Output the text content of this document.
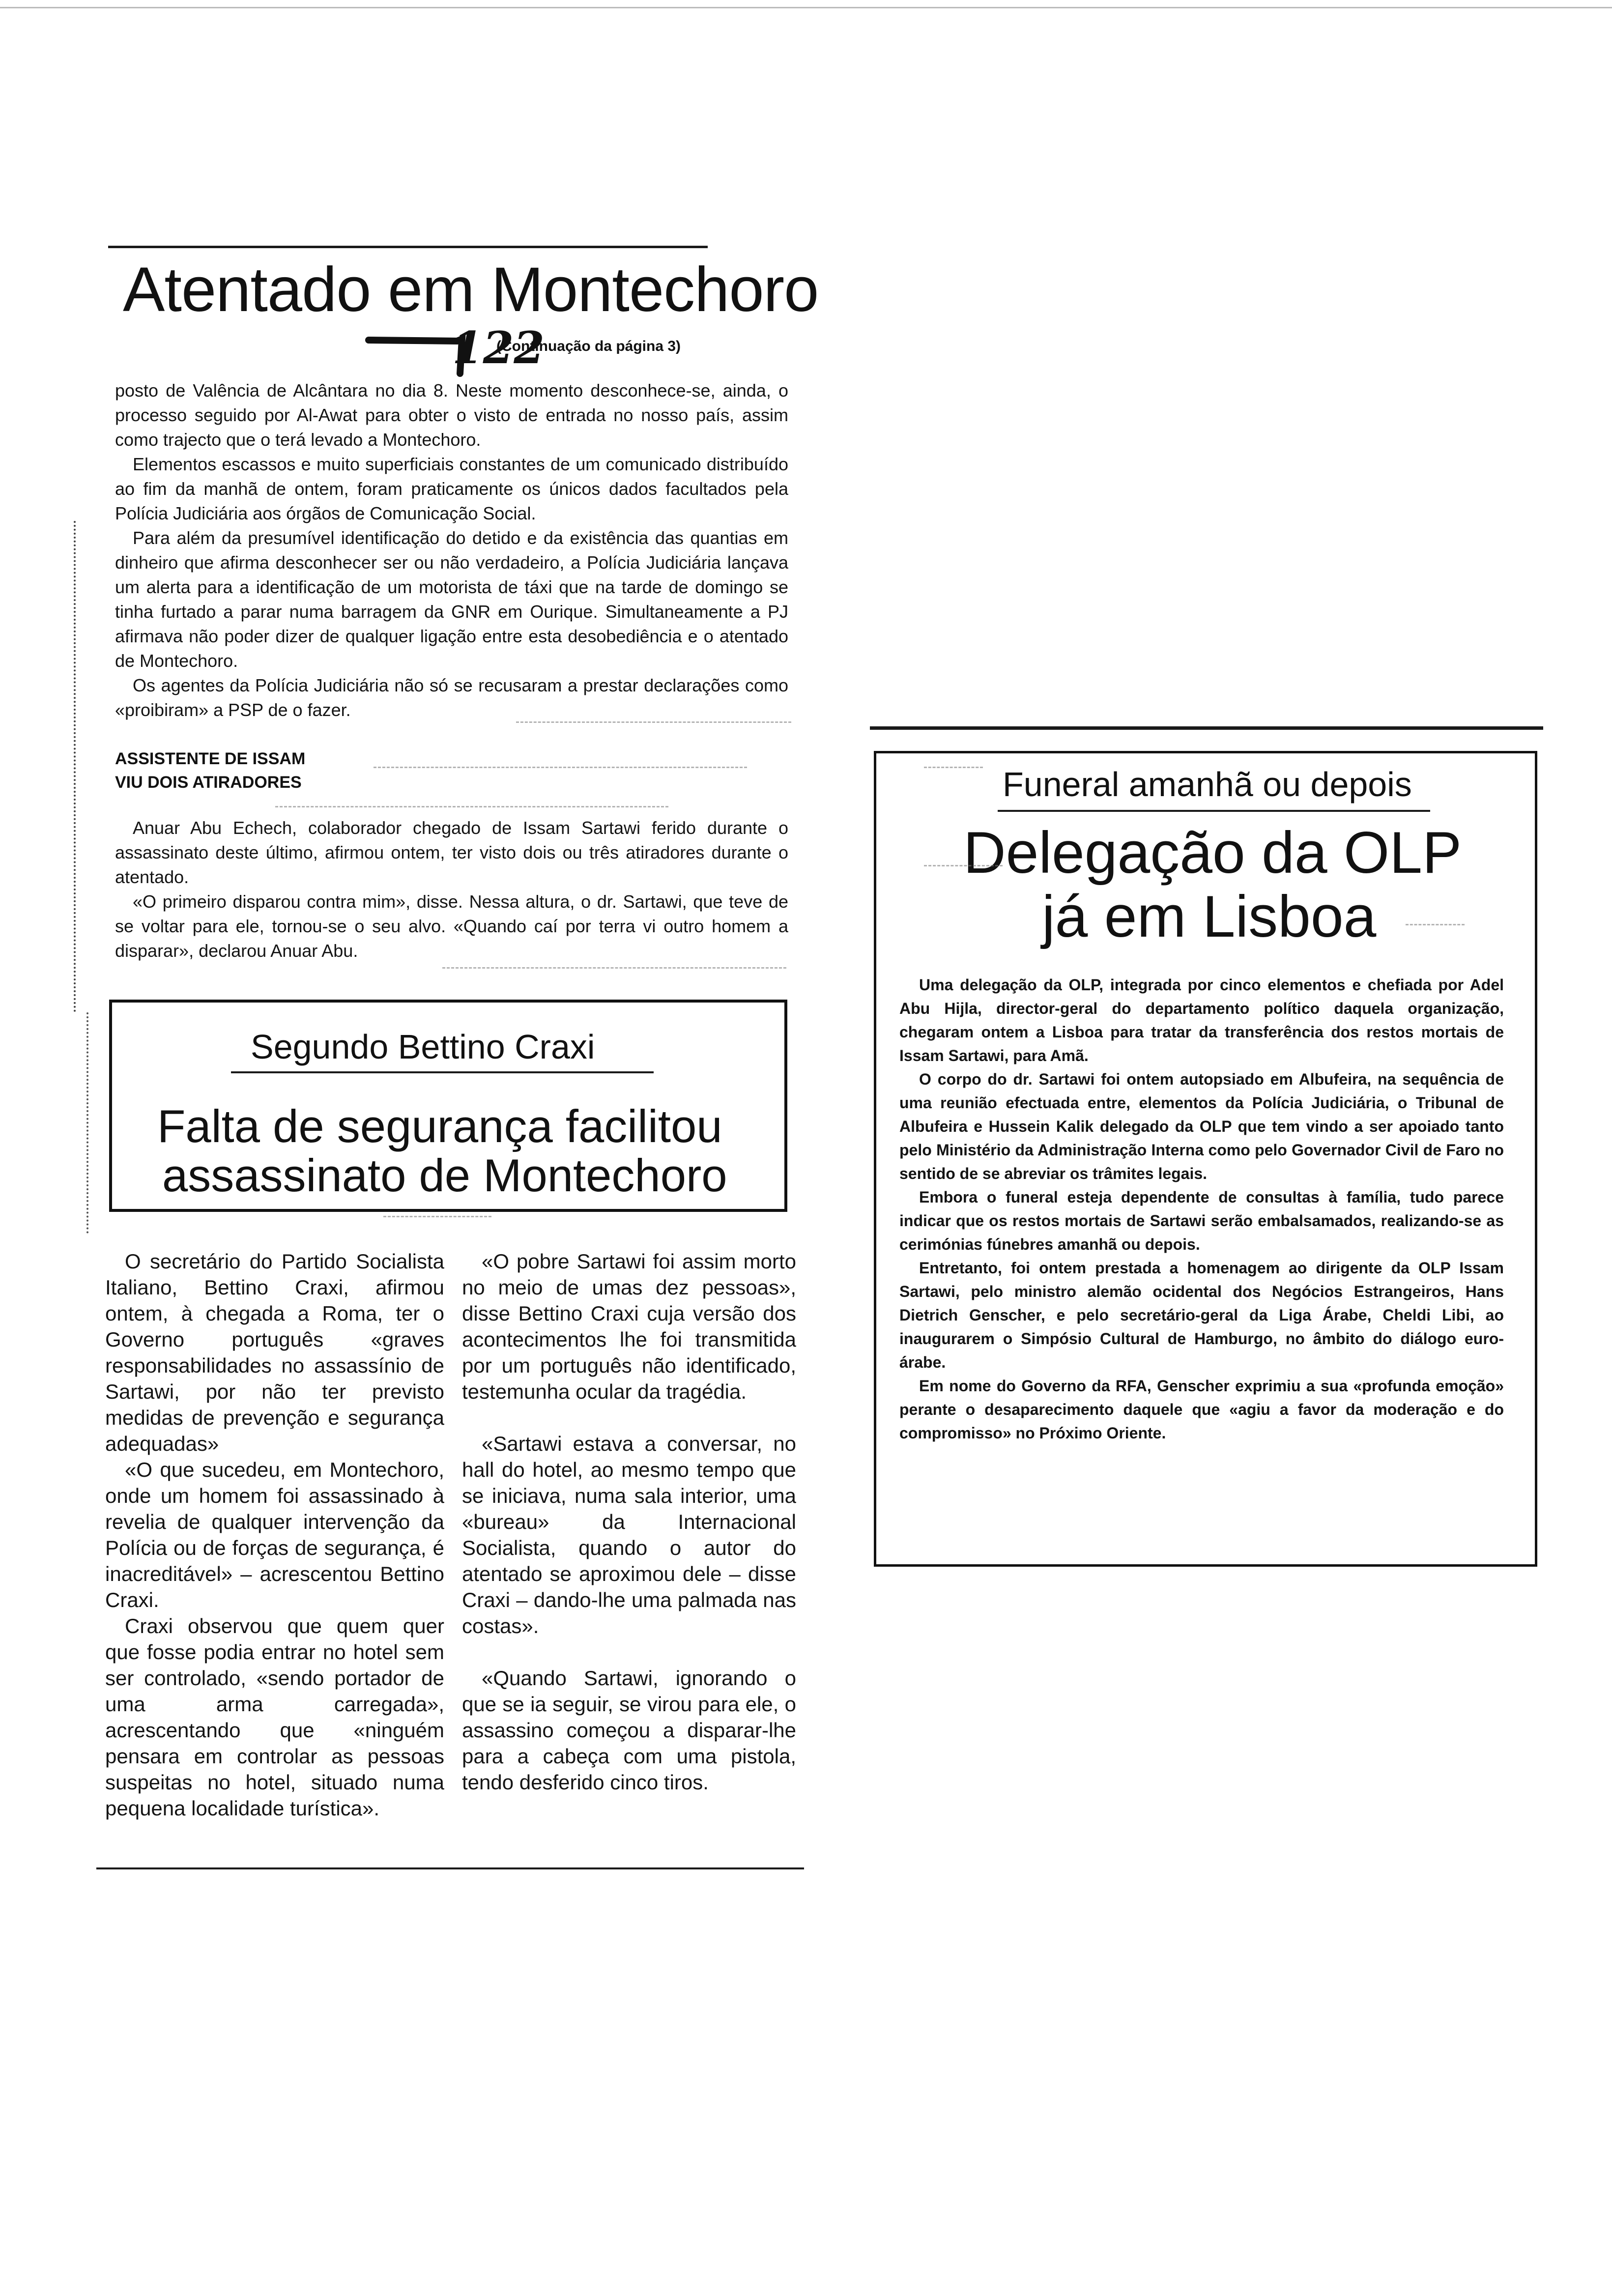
Atentado em Montechoro
122
(Continuação da página 3)

posto de Valência de Alcântara no dia 8. Neste momento desconhece-se, ainda, o processo seguido por Al-Awat para obter o visto de entrada no nosso país, assim como trajecto que o terá levado a Montechoro.

Elementos escassos e muito superficiais constantes de um comunicado distribuído ao fim da manhã de ontem, foram praticamente os únicos dados facultados pela Polícia Judiciária aos órgãos de Comunicação Social.

Para além da presumível identificação do detido e da existência das quantias em dinheiro que afirma desconhecer ser ou não verdadeiro, a Polícia Judiciária lançava um alerta para a identificação de um motorista de táxi que na tarde de domingo se tinha furtado a parar numa barragem da GNR em Ourique. Simultaneamente a PJ afirmava não poder dizer de qualquer ligação entre esta desobediência e o atentado de Montechoro.

Os agentes da Polícia Judiciária não só se recusaram a prestar declarações como «proibiram» a PSP de o fazer.

ASSISTENTE DE ISSAM
VIU DOIS ATIRADORES

Anuar Abu Echech, colaborador chegado de Issam Sartawi ferido durante o assassinato deste último, afirmou ontem, ter visto dois ou três atiradores durante o atentado.

«O primeiro disparou contra mim», disse. Nessa altura, o dr. Sartawi, que teve de se voltar para ele, tornou-se o seu alvo. «Quando caí por terra vi outro homem a disparar», declarou Anuar Abu.

Segundo Bettino Craxi
Falta de segurança facilitou
assassinato de Montechoro

O secretário do Partido Socialista Italiano, Bettino Craxi, afirmou ontem, à chegada a Roma, ter o Governo português «graves responsabilidades no assassínio de Sartawi, por não ter previsto medidas de prevenção e segurança adequadas»

«O que sucedeu, em Montechoro, onde um homem foi assassinado à revelia de qualquer intervenção da Polícia ou de forças de segurança, é inacreditável» – acrescentou Bettino Craxi.

Craxi observou que quem quer que fosse podia entrar no hotel sem ser controlado, «sendo portador de uma arma carregada», acrescentando que «ninguém pensara em controlar as pessoas suspeitas no hotel, situado numa pequena localidade turística».

«O pobre Sartawi foi assim morto no meio de umas dez pessoas», disse Bettino Craxi cuja versão dos acontecimentos lhe foi transmitida por um português não identificado, testemunha ocular da tragédia.

«Sartawi estava a conversar, no hall do hotel, ao mesmo tempo que se iniciava, numa sala interior, uma «bureau» da Internacional Socialista, quando o autor do atentado se aproximou dele – disse Craxi – dando-lhe uma palmada nas costas».

«Quando Sartawi, ignorando o que se ia seguir, se virou para ele, o assassino começou a disparar-lhe para a cabeça com uma pistola, tendo desferido cinco tiros.

Funeral amanhã ou depois
Delegação da OLP
já em Lisboa

Uma delegação da OLP, integrada por cinco elementos e chefiada por Adel Abu Hijla, director-geral do departamento político daquela organização, chegaram ontem a Lisboa para tratar da transferência dos restos mortais de Issam Sartawi, para Amã.

O corpo do dr. Sartawi foi ontem autopsiado em Albufeira, na sequência de uma reunião efectuada entre, elementos da Polícia Judiciária, o Tribunal de Albufeira e Hussein Kalik delegado da OLP que tem vindo a ser apoiado tanto pelo Ministério da Administração Interna como pelo Governador Civil de Faro no sentido de se abreviar os trâmites legais.

Embora o funeral esteja dependente de consultas à família, tudo parece indicar que os restos mortais de Sartawi serão embalsamados, realizando-se as cerimónias fúnebres amanhã ou depois.

Entretanto, foi ontem prestada a homenagem ao dirigente da OLP Issam Sartawi, pelo ministro alemão ocidental dos Negócios Estrangeiros, Hans Dietrich Genscher, e pelo secretário-geral da Liga Árabe, Cheldi Libi, ao inaugurarem o Simpósio Cultural de Hamburgo, no âmbito do diálogo euro-árabe.

Em nome do Governo da RFA, Genscher exprimiu a sua «profunda emoção» perante o desaparecimento daquele que «agiu a favor da moderação e do compromisso» no Próximo Oriente.
